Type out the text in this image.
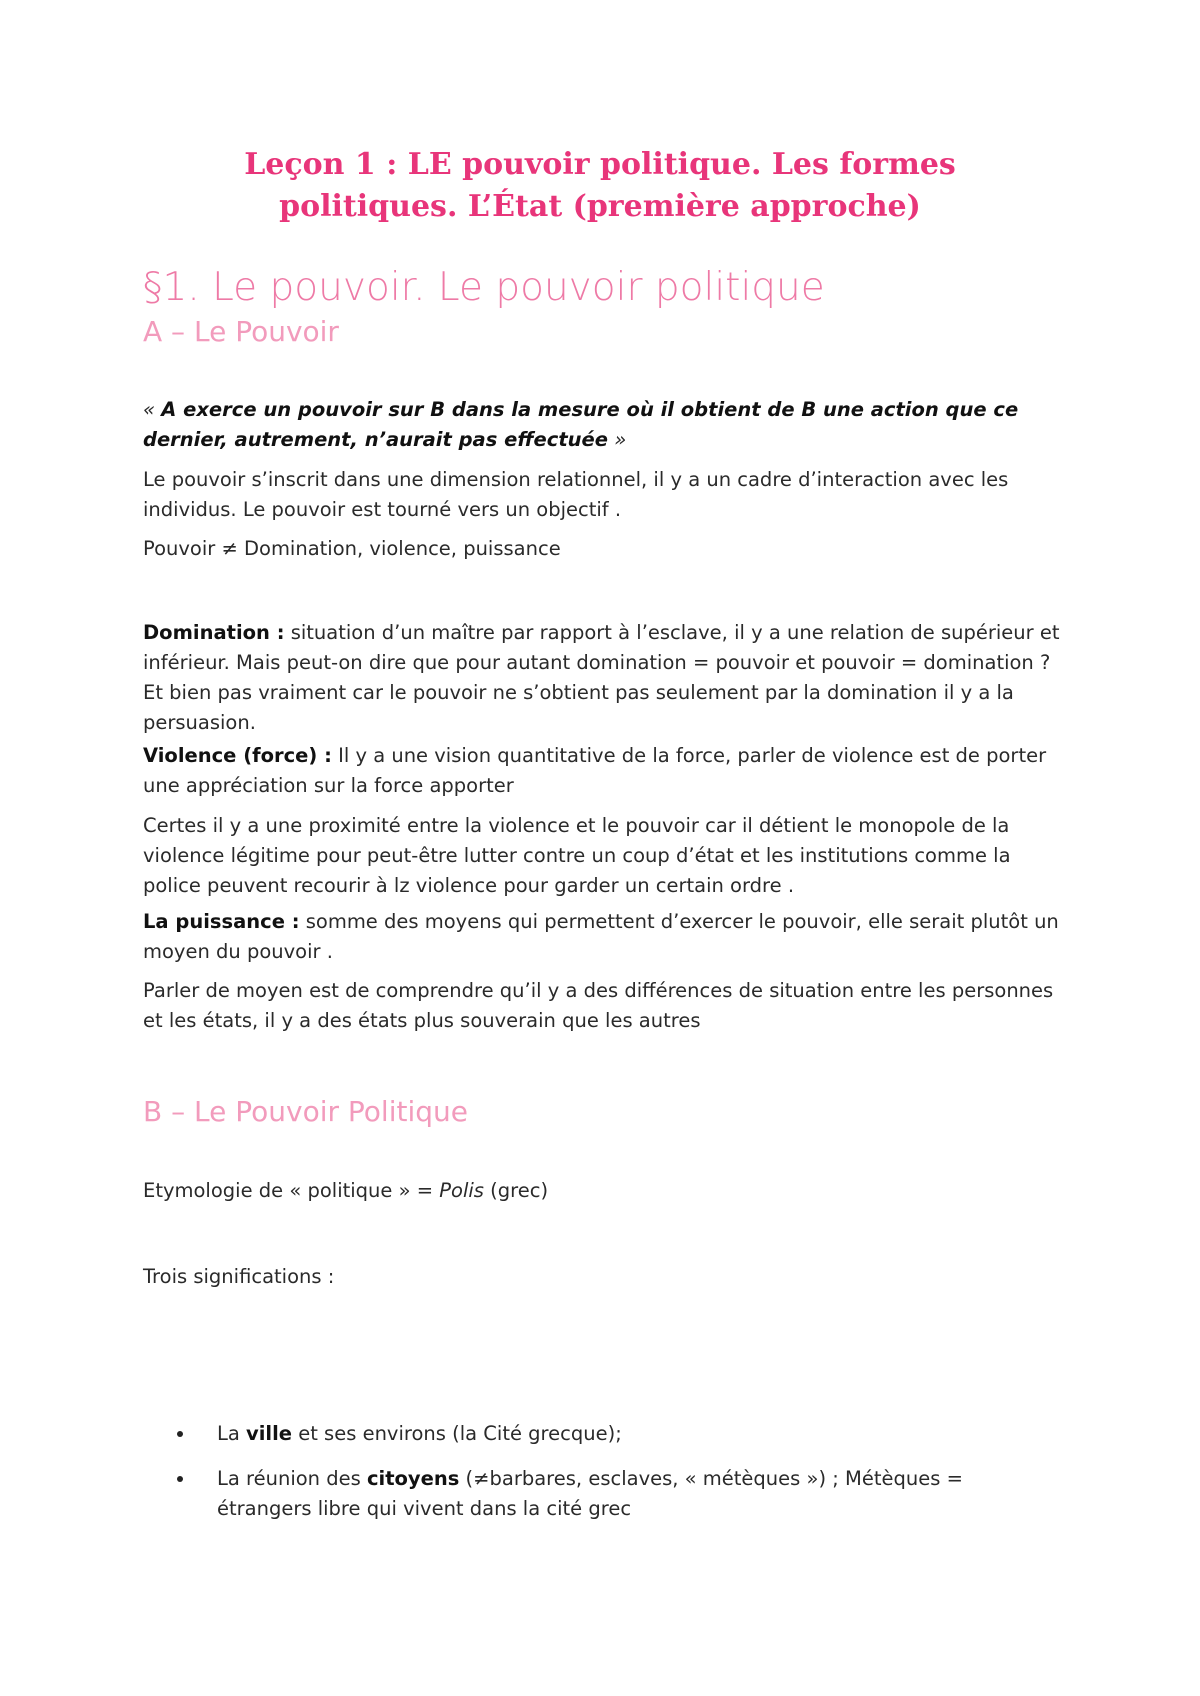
Leçon 1 : LE pouvoir politique. Les formes
politiques. L’État (première approche)
§1. Le pouvoir. Le pouvoir politique
A – Le Pouvoir

« A exerce un pouvoir sur B dans la mesure où il obtient de B une action que ce dernier, autrement, n’aurait pas effectuée »

Le pouvoir s’inscrit dans une dimension relationnel, il y a un cadre d’interaction avec les individus. Le pouvoir est tourné vers un objectif .

Pouvoir ≠ Domination, violence, puissance

Domination : situation d’un maître par rapport à l’esclave, il y a une relation de supérieur et inférieur. Mais peut-on dire que pour autant domination = pouvoir et pouvoir = domination ? Et bien pas vraiment car le pouvoir ne s’obtient pas seulement par la domination il y a la persuasion.

Violence (force) : Il y a une vision quantitative de la force, parler de violence est de porter une appréciation sur la force apporter

Certes il y a une proximité entre la violence et le pouvoir car il détient le monopole de la violence légitime pour peut-être lutter contre un coup d’état et les institutions comme la police peuvent recourir à lz violence pour garder un certain ordre .

La puissance : somme des moyens qui permettent d’exercer le pouvoir, elle serait plutôt un moyen du pouvoir .

Parler de moyen est de comprendre qu’il y a des différences de situation entre les personnes et les états, il y a des états plus souverain que les autres

B – Le Pouvoir Politique

Etymologie de « politique » = Polis (grec)

Trois significations :

La ville et ses environs (la Cité grecque);
La réunion des citoyens (≠barbares, esclaves, « métèques ») ; Métèques = étrangers libre qui vivent dans la cité grec
